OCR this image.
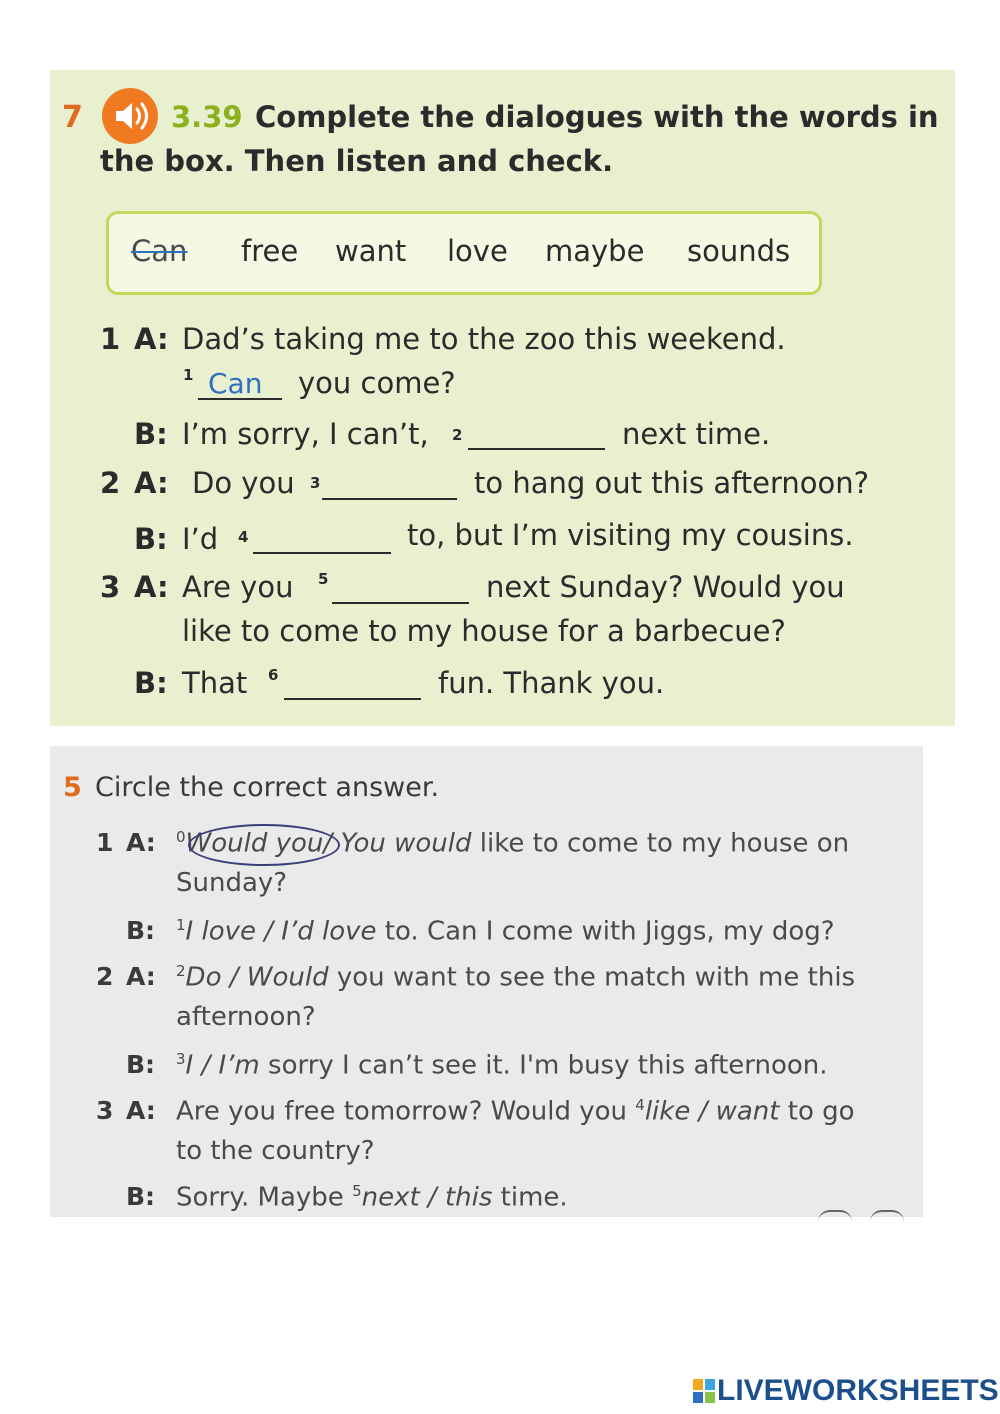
7	3.39 Complete the dialogues with the words in
the box. Then listen and check.
Can free want love maybe sounds
1 A: Dad’s taking me to the zoo this weekend.
1 Can you come?
B: I’m sorry, I can’t, 2	next time.
2 A: Do you 3	to hang out this afternoon?
B: I’d 4	to, but I’m visiting my cousins.
3 A: Are you 5	next Sunday? Would you
like to come to my house for a barbecue?
B: That 6	fun. Thank you.
5 Circle the correct answer.
1 A: $^0$Would you/ You would like to come to my house on
Sunday?
B: $^1$I love / I’d love to. Can I come with Jiggs, my dog?
2 A: $^2$Do / Would you want to see the match with me this
afternoon?
B: $^3$I / I’m sorry I can’t see it. I'm busy this afternoon.
3 A: Are you free tomorrow? Would you $^4$like / want to go
to the country?
B: Sorry. Maybe $^5$next / this time.
LIVEWORKSHEETS
